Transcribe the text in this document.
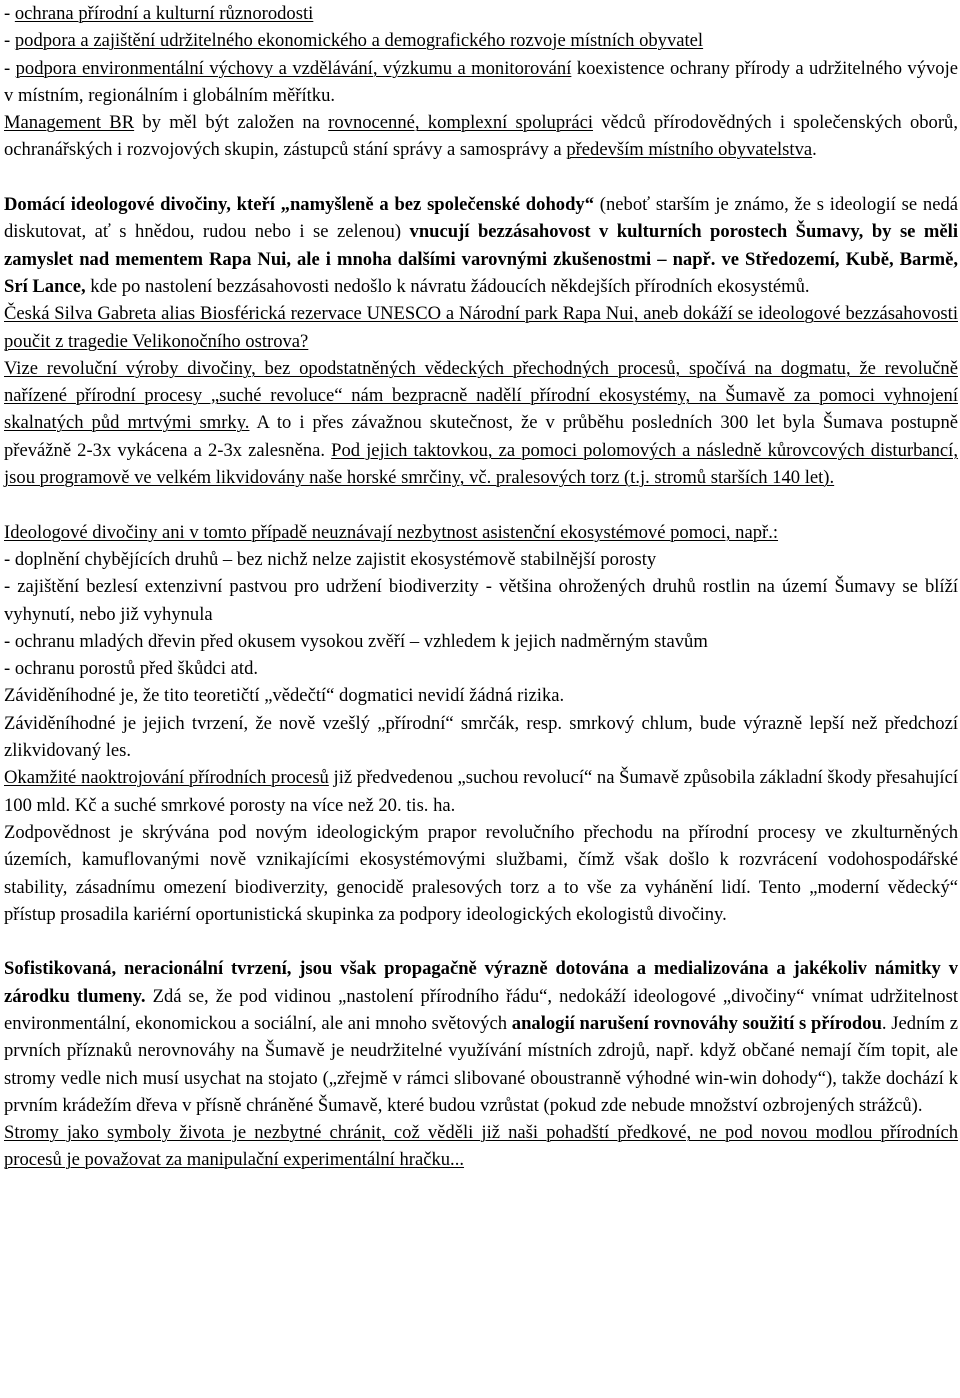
- ochrana přírodní a kulturní různorodosti

- podpora a zajištění udržitelného ekonomického a demografického rozvoje místních obyvatel

- podpora environmentální výchovy a vzdělávání, výzkumu a monitorování koexistence ochrany přírody a udržitelného vývoje v místním, regionálním i globálním měřítku.

Management BR by měl být založen na rovnocenné, komplexní spolupráci vědců přírodovědných i společenských oborů, ochranářských i rozvojových skupin, zástupců stání správy a samosprávy a především místního obyvatelstva.

Domácí ideologové divočiny, kteří „namyšleně a bez společenské dohody“ (neboť starším je známo, že s ideologií se nedá diskutovat, ať s hnědou, rudou nebo i se zelenou) vnucují bezzásahovost v kulturních porostech Šumavy, by se měli zamyslet nad mementem Rapa Nui, ale i mnoha dalšími varovnými zkušenostmi – např. ve Středozemí, Kubě, Barmě, Srí Lance, kde po nastolení bezzásahovosti nedošlo k návratu žádoucích někdejších přírodních ekosystémů.

Česká Silva Gabreta alias Biosférická rezervace UNESCO a Národní park Rapa Nui, aneb dokáží se ideologové bezzásahovosti poučit z tragedie Velikonočního ostrova?

Vize revoluční výroby divočiny, bez opodstatněných vědeckých přechodných procesů, spočívá na dogmatu, že revolučně nařízené přírodní procesy „suché revoluce“ nám bezpracně nadělí přírodní ekosystémy, na Šumavě za pomoci vyhnojení skalnatých půd mrtvými smrky. A to i přes závažnou skutečnost, že v průběhu posledních 300 let byla Šumava postupně převážně 2-3x vykácena a 2-3x zalesněna. Pod jejich taktovkou, za pomoci polomových a následně kůrovcových disturbancí, jsou programově ve velkém likvidovány naše horské smrčiny, vč. pralesových torz (t.j. stromů starších 140 let).

Ideologové divočiny ani v tomto případě neuznávají nezbytnost asistenční ekosystémové pomoci, např.:

- doplnění chybějících druhů – bez nichž nelze zajistit ekosystémově stabilnější porosty

- zajištění bezlesí extenzivní pastvou pro udržení biodiverzity - většina ohrožených druhů rostlin na území Šumavy se blíží vyhynutí, nebo již vyhynula

- ochranu mladých dřevin před okusem vysokou zvěří – vzhledem k jejich nadměrným stavům

- ochranu porostů před škůdci atd.

Záviděníhodné je, že tito teoretičtí „vědečtí“ dogmatici nevidí žádná rizika.

Záviděníhodné je jejich tvrzení, že nově vzešlý „přírodní“ smrčák, resp. smrkový chlum, bude výrazně lepší než předchozí zlikvidovaný les.

Okamžité naoktrojování přírodních procesů již předvedenou „suchou revolucí“ na Šumavě způsobila základní škody přesahující 100 mld. Kč a suché smrkové porosty na více než 20. tis. ha.

Zodpovědnost je skrývána pod novým ideologickým prapor revolučního přechodu na přírodní procesy ve zkulturněných územích, kamuflovanými nově vznikajícími ekosystémovými službami, čímž však došlo k rozvrácení vodohospodářské stability, zásadnímu omezení biodiverzity, genocidě pralesových torz a to vše za vyhánění lidí. Tento „moderní vědecký“ přístup prosadila kariérní oportunistická skupinka za podpory ideologických ekologistů divočiny.

Sofistikovaná, neracionální tvrzení, jsou však propagačně výrazně dotována a medializována a jakékoliv námitky v zárodku tlumeny. Zdá se, že pod vidinou „nastolení přírodního řádu“, nedokáží ideologové „divočiny“ vnímat udržitelnost environmentální, ekonomickou a sociální, ale ani mnoho světových analogií narušení rovnováhy soužití s přírodou. Jedním z prvních příznaků nerovnováhy na Šumavě je neudržitelné využívání místních zdrojů, např. když občané nemají čím topit, ale stromy vedle nich musí usychat na stojato („zřejmě v rámci slibované oboustranně výhodné win-win dohody“), takže dochází k prvním krádežím dřeva v přísně chráněné Šumavě, které budou vzrůstat (pokud zde nebude množství ozbrojených strážců).

Stromy jako symboly života je nezbytné chránit, což věděli již naši pohadští předkové, ne pod novou modlou přírodních procesů je považovat za manipulační experimentální hračku...
